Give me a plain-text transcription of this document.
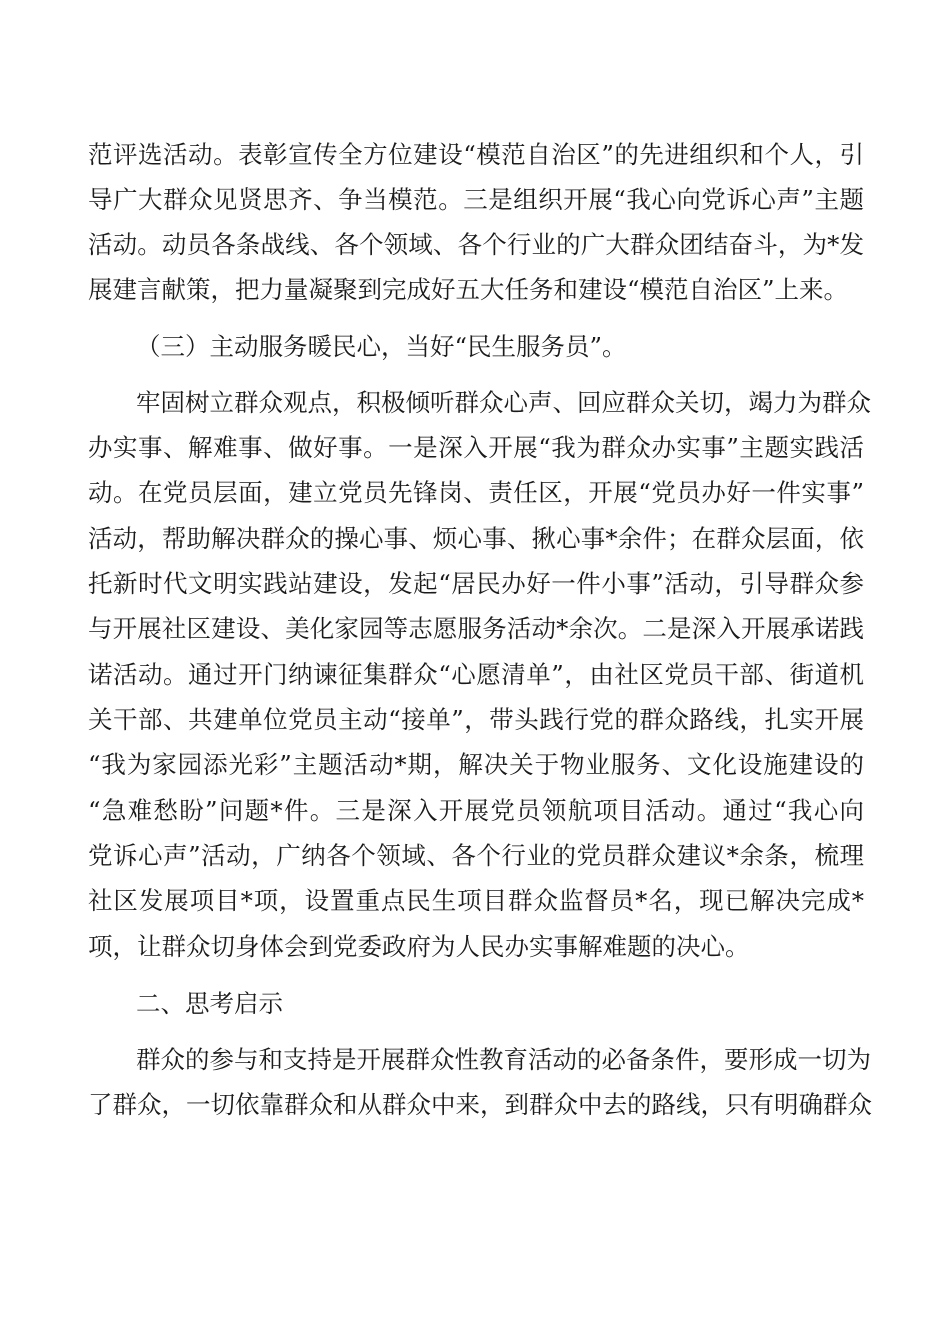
范评选活动。表彰宣传全方位建设“模范自治区”的先进组织和个人，引
导广大群众见贤思齐、争当模范。三是组织开展“我心向党诉心声”主题
活动。动员各条战线、各个领域、各个行业的广大群众团结奋斗，为*发
展建言献策，把力量凝聚到完成好五大任务和建设“模范自治区”上来。
（三）主动服务暖民心，当好“民生服务员”。
牢固树立群众观点，积极倾听群众心声、回应群众关切，竭力为群众
办实事、解难事、做好事。一是深入开展“我为群众办实事”主题实践活
动。在党员层面，建立党员先锋岗、责任区，开展“党员办好一件实事”
活动，帮助解决群众的操心事、烦心事、揪心事*余件；在群众层面，依
托新时代文明实践站建设，发起“居民办好一件小事”活动，引导群众参
与开展社区建设、美化家园等志愿服务活动*余次。二是深入开展承诺践
诺活动。通过开门纳谏征集群众“心愿清单”，由社区党员干部、街道机
关干部、共建单位党员主动“接单”，带头践行党的群众路线，扎实开展
“我为家园添光彩”主题活动*期，解决关于物业服务、文化设施建设的
“急难愁盼”问题*件。三是深入开展党员领航项目活动。通过“我心向
党诉心声”活动，广纳各个领域、各个行业的党员群众建议*余条，梳理
社区发展项目*项，设置重点民生项目群众监督员*名，现已解决完成*
项，让群众切身体会到党委政府为人民办实事解难题的决心。
二、思考启示
群众的参与和支持是开展群众性教育活动的必备条件，要形成一切为
了群众，一切依靠群众和从群众中来，到群众中去的路线，只有明确群众
